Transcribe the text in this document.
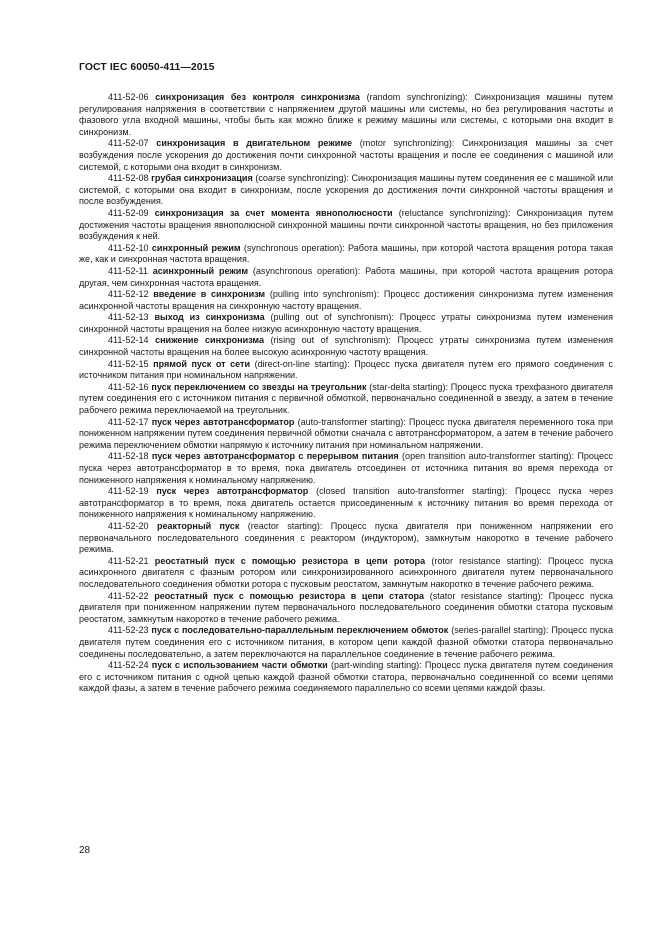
ГОСТ IEC 60050-411—2015

411-52-06 синхронизация без контроля синхронизма (random synchronizing): Синхронизация машины путем регулирования напряжения в соответствии с напряжением другой машины или системы, но без регулирования частоты и фазового угла входной машины, чтобы быть как можно ближе к режиму машины или системы, с которыми она входит в синхронизм.

411-52-07 синхронизация в двигательном режиме (motor synchronizing): Синхронизация машины за счет возбуждения после ускорения до достижения почти синхронной частоты вращения и после ее соединения с машиной или системой, с которыми она входит в синхронизм.

411-52-08 грубая синхронизация (coarse synchronizing): Синхронизация машины путем соединения ее с машиной или системой, с которыми она входит в синхронизм, после ускорения до достижения почти синхронной частоты вращения и после возбуждения.

411-52-09 синхронизация за счет момента явнополюсности (reluctance synchronizing): Синхронизация путем достижения частоты вращения явнополюсной синхронной машины почти синхронной частоты вращения, но без приложения возбуждения к ней.

411-52-10 синхронный режим (synchronous operation): Работа машины, при которой частота вращения ротора такая же, как и синхронная частота вращения.

411-52-11 асинхронный режим (asynchronous operation): Работа машины, при которой частота вращения ротора другая, чем синхронная частота вращения.

411-52-12 введение в синхронизм (pulling into synchronism): Процесс достижения синхронизма путем изменения асинхронной частоты вращения на синхронную частоту вращения.

411-52-13 выход из синхронизма (pulling out of synchronism): Процесс утраты синхронизма путем изменения синхронной частоты вращения на более низкую асинхронную частоту вращения.

411-52-14 снижение синхронизма (rising out of synchronism): Процесс утраты синхронизма путем изменения синхронной частоты вращения на более высокую асинхронную частоту вращения.

411-52-15 прямой пуск от сети (direct-on-line starting): Процесс пуска двигателя путем его прямого соединения с источником питания при номинальном напряжении.

411-52-16 пуск переключением со звезды на треугольник (star-delta starting): Процесс пуска трехфазного двигателя путем соединения его с источником питания с первичной обмоткой, первоначально соединенной в звезду, а затем в течение рабочего режима переключаемой на треугольник.

411-52-17 пуск через автотрансформатор (auto-transformer starting): Процесс пуска двигателя переменного тока при пониженном напряжении путем соединения первичной обмотки сначала с автотрансформатором, а затем в течение рабочего режима переключением обмотки напрямую к источнику питания при номинальном напряжении.

411-52-18 пуск через автотрансформатор с перерывом питания (open transition auto-transformer starting): Процесс пуска через автотрансформатор в то время, пока двигатель отсоединен от источника питания во время перехода от пониженного напряжения к номинальному напряжению.

411-52-19 пуск через автотрансформатор (closed transition auto-transformer starting): Процесс пуска через автотрансформатор в то время, пока двигатель остается присоединенным к источнику питания во время перехода от пониженного напряжения к номинальному напряжению.

411-52-20 реакторный пуск (reactor starting): Процесс пуска двигателя при пониженном напряжении его первоначального последовательного соединения с реактором (индуктором), замкнутым накоротко в течение рабочего режима.

411-52-21 реостатный пуск с помощью резистора в цепи ротора (rotor resistance starting): Процесс пуска асинхронного двигателя с фазным ротором или синхронизированного асинхронного двигателя путем первоначального последовательного соединения обмотки ротора с пусковым реостатом, замкнутым накоротко в течение рабочего режима.

411-52-22 реостатный пуск с помощью резистора в цепи статора (stator resistance starting): Процесс пуска двигателя при пониженном напряжении путем первоначального последовательного соединения обмотки статора пусковым реостатом, замкнутым накоротко в течение рабочего режима.

411-52-23 пуск с последовательно-параллельным переключением обмоток (series-parallel starting): Процесс пуска двигателя путем соединения его с источником питания, в котором цепи каждой фазной обмотки статора первоначально соединены последовательно, а затем переключаются на параллельное соединение в течение рабочего режима.

411-52-24 пуск с использованием части обмотки (part-winding starting): Процесс пуска двигателя путем соединения его с источником питания с одной цепью каждой фазной обмотки статора, первоначально соединенной со всеми цепями каждой фазы, а затем в течение рабочего режима соединяемого параллельно со всеми цепями каждой фазы.

28
